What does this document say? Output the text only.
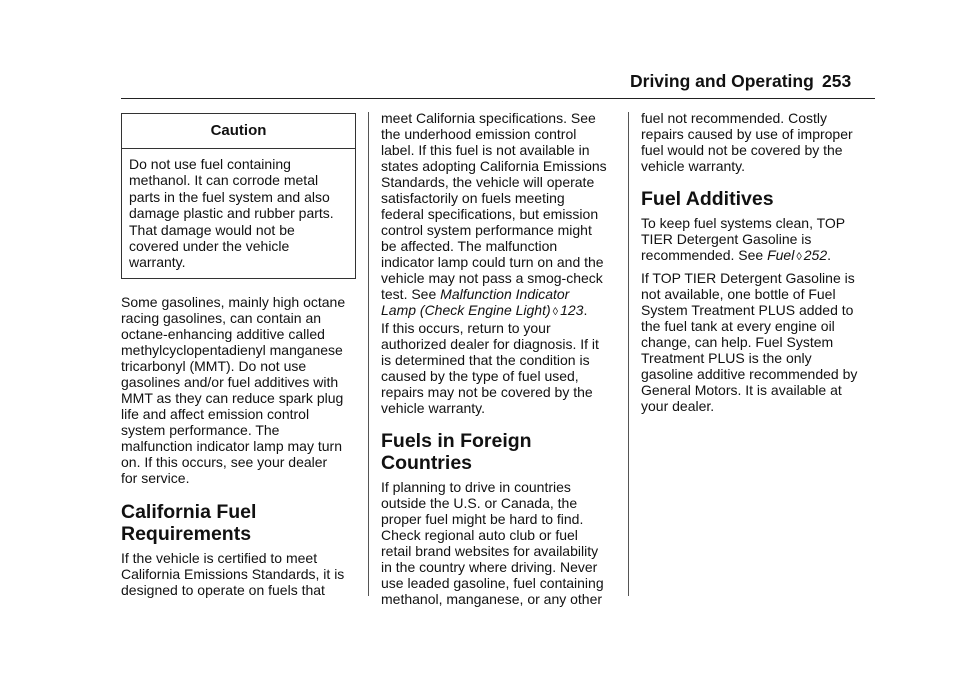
Driving and Operating 253
Caution
Do not use fuel containing
methanol. It can corrode metal
parts in the fuel system and also
damage plastic and rubber parts.
That damage would not be
covered under the vehicle
warranty.
Some gasolines, mainly high octane
racing gasolines, can contain an
octane-enhancing additive called
methylcyclopentadienyl manganese
tricarbonyl (MMT). Do not use
gasolines and/or fuel additives with
MMT as they can reduce spark plug
life and affect emission control
system performance. The
malfunction indicator lamp may turn
on. If this occurs, see your dealer
for service.
California Fuel
Requirements
If the vehicle is certified to meet
California Emissions Standards, it is
designed to operate on fuels that
meet California specifications. See
the underhood emission control
label. If this fuel is not available in
states adopting California Emissions
Standards, the vehicle will operate
satisfactorily on fuels meeting
federal specifications, but emission
control system performance might
be affected. The malfunction
indicator lamp could turn on and the
vehicle may not pass a smog-check
test. See Malfunction Indicator
Lamp (Check Engine Light) ◊ 123.
If this occurs, return to your
authorized dealer for diagnosis. If it
is determined that the condition is
caused by the type of fuel used,
repairs may not be covered by the
vehicle warranty.
Fuels in Foreign
Countries
If planning to drive in countries
outside the U.S. or Canada, the
proper fuel might be hard to find.
Check regional auto club or fuel
retail brand websites for availability
in the country where driving. Never
use leaded gasoline, fuel containing
methanol, manganese, or any other
fuel not recommended. Costly
repairs caused by use of improper
fuel would not be covered by the
vehicle warranty.
Fuel Additives
To keep fuel systems clean, TOP
TIER Detergent Gasoline is
recommended. See Fuel ◊ 252.
If TOP TIER Detergent Gasoline is
not available, one bottle of Fuel
System Treatment PLUS added to
the fuel tank at every engine oil
change, can help. Fuel System
Treatment PLUS is the only
gasoline additive recommended by
General Motors. It is available at
your dealer.
